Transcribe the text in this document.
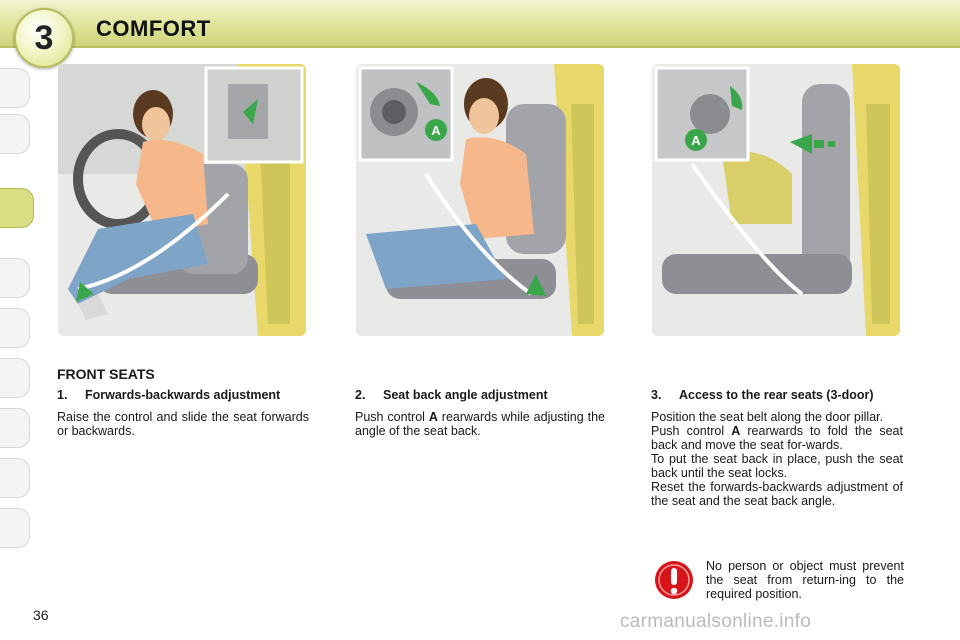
3 COMFORT
A
A
FRONT SEATS
1.	Forwards-backwards adjustment

Raise the control and slide the seat forwards or backwards.

2.	Seat back angle adjustment

Push control A rearwards while adjusting the angle of the seat back.

3.	Access to the rear seats (3-door)

Position the seat belt along the door pillar.

Push control A rearwards to fold the seat back and move the seat for-wards.

To put the seat back in place, push the seat back until the seat locks.

Reset the forwards-backwards adjustment of the seat and the seat back angle.

No person or object must prevent the seat from return-ing to the required position.
36	carmanualsonline.info
